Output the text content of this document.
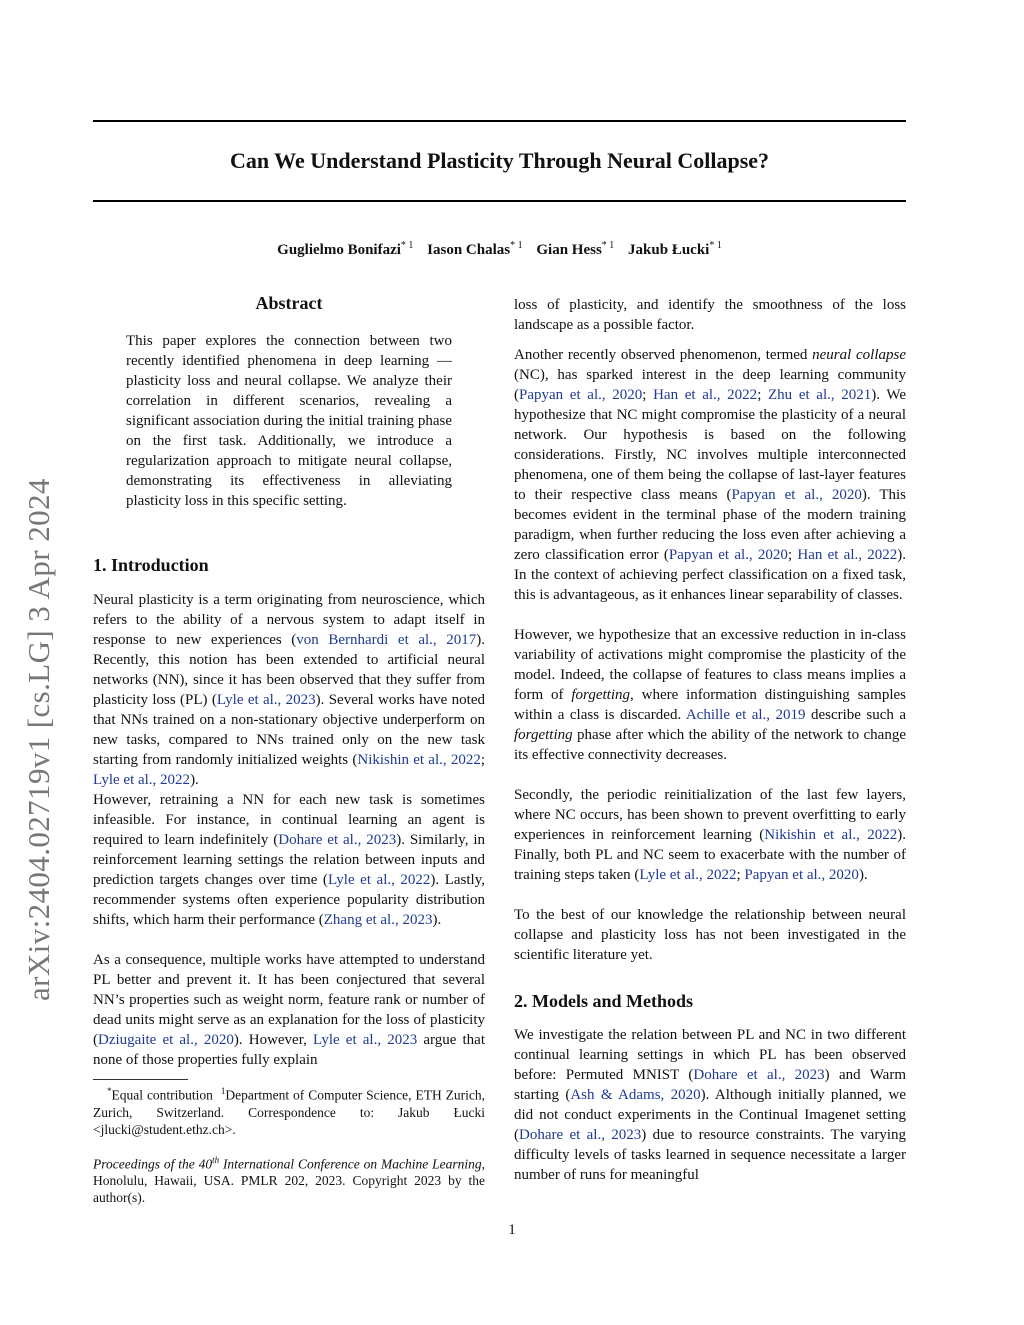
arXiv:2404.02719v1 [cs.LG] 3 Apr 2024
Can We Understand Plasticity Through Neural Collapse?
Guglielmo Bonifazi$^{* 1}$ Iason Chalas$^{* 1}$ Gian Hess$^{* 1}$ Jakub Łucki$^{* 1}$
Abstract

This paper explores the connection between two recently identified phenomena in deep learning — plasticity loss and neural collapse. We analyze their correlation in different scenarios, revealing a significant association during the initial training phase on the first task. Additionally, we introduce a regularization approach to mitigate neural collapse, demonstrating its effectiveness in alleviating plasticity loss in this specific setting.

1. Introduction

Neural plasticity is a term originating from neuroscience, which refers to the ability of a nervous system to adapt itself in response to new experiences (von Bernhardi et al., 2017). Recently, this notion has been extended to artificial neural networks (NN), since it has been observed that they suffer from plasticity loss (PL) (Lyle et al., 2023). Several works have noted that NNs trained on a non-stationary objective underperform on new tasks, compared to NNs trained only on the new task starting from randomly initialized weights (Nikishin et al., 2022; Lyle et al., 2022).

However, retraining a NN for each new task is sometimes infeasible. For instance, in continual learning an agent is required to learn indefinitely (Dohare et al., 2023). Similarly, in reinforcement learning settings the relation between inputs and prediction targets changes over time (Lyle et al., 2022). Lastly, recommender systems often experience popularity distribution shifts, which harm their performance (Zhang et al., 2023).

As a consequence, multiple works have attempted to understand PL better and prevent it. It has been conjectured that several NN’s properties such as weight norm, feature rank or number of dead units might serve as an explanation for the loss of plasticity (Dziugaite et al., 2020). However, Lyle et al., 2023 argue that none of those properties fully explain

*Equal contribution $^1$Department of Computer Science, ETH Zurich, Zurich, Switzerland. Correspondence to: Jakub Łucki <jlucki@student.ethz.ch>.

Proceedings of the 40th International Conference on Machine Learning, Honolulu, Hawaii, USA. PMLR 202, 2023. Copyright 2023 by the author(s).

loss of plasticity, and identify the smoothness of the loss landscape as a possible factor.

Another recently observed phenomenon, termed neural collapse (NC), has sparked interest in the deep learning community (Papyan et al., 2020; Han et al., 2022; Zhu et al., 2021). We hypothesize that NC might compromise the plasticity of a neural network. Our hypothesis is based on the following considerations. Firstly, NC involves multiple interconnected phenomena, one of them being the collapse of last-layer features to their respective class means (Papyan et al., 2020). This becomes evident in the terminal phase of the modern training paradigm, when further reducing the loss even after achieving a zero classification error (Papyan et al., 2020; Han et al., 2022). In the context of achieving perfect classification on a fixed task, this is advantageous, as it enhances linear separability of classes.

However, we hypothesize that an excessive reduction in in-class variability of activations might compromise the plasticity of the model. Indeed, the collapse of features to class means implies a form of forgetting, where information distinguishing samples within a class is discarded. Achille et al., 2019 describe such a forgetting phase after which the ability of the network to change its effective connectivity decreases.

Secondly, the periodic reinitialization of the last few layers, where NC occurs, has been shown to prevent overfitting to early experiences in reinforcement learning (Nikishin et al., 2022). Finally, both PL and NC seem to exacerbate with the number of training steps taken (Lyle et al., 2022; Papyan et al., 2020).

To the best of our knowledge the relationship between neural collapse and plasticity loss has not been investigated in the scientific literature yet.

2. Models and Methods

We investigate the relation between PL and NC in two different continual learning settings in which PL has been observed before: Permuted MNIST (Dohare et al., 2023) and Warm starting (Ash & Adams, 2020). Although initially planned, we did not conduct experiments in the Continual Imagenet setting (Dohare et al., 2023) due to resource constraints. The varying difficulty levels of tasks learned in sequence necessitate a larger number of runs for meaningful

1
